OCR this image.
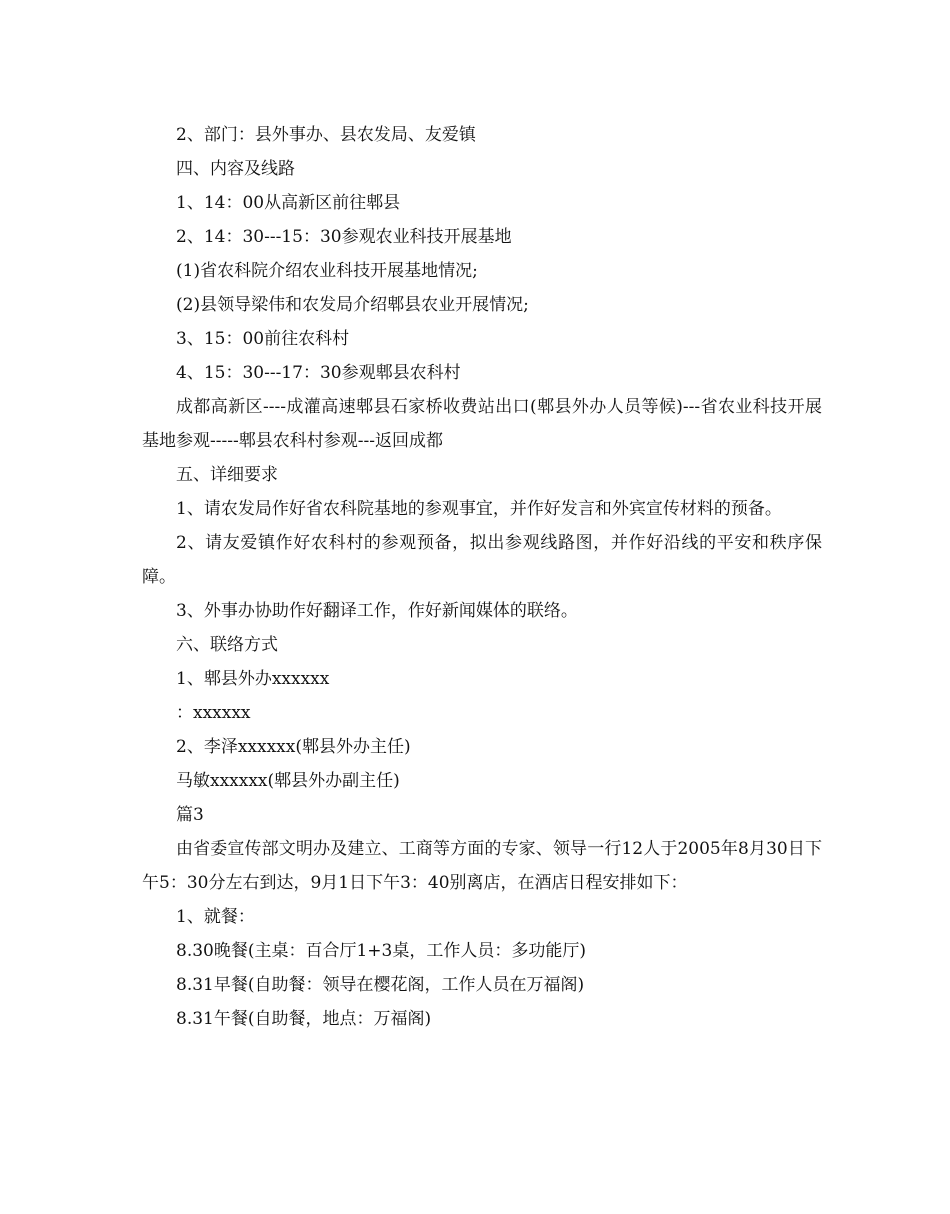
2、部门：县外事办、县农发局、友爱镇

四、内容及线路

1、14：00从高新区前往郫县

2、14：30---15：30参观农业科技开展基地

(1)省农科院介绍农业科技开展基地情况;

(2)县领导梁伟和农发局介绍郫县农业开展情况;

3、15：00前往农科村

4、15：30---17：30参观郫县农科村

成都高新区----成灌高速郫县石家桥收费站出口(郫县外办人员等候)---省农业科技开展基地参观-----郫县农科村参观---返回成都

五、详细要求

1、请农发局作好省农科院基地的参观事宜，并作好发言和外宾宣传材料的预备。

2、请友爱镇作好农科村的参观预备，拟出参观线路图，并作好沿线的平安和秩序保障。

3、外事办协助作好翻译工作，作好新闻媒体的联络。

六、联络方式

1、郫县外办xxxxxx

：xxxxxx

2、李泽xxxxxx(郫县外办主任)

马敏xxxxxx(郫县外办副主任)

篇3

由省委宣传部文明办及建立、工商等方面的专家、领导一行12人于2005年8月30日下午5：30分左右到达，9月1日下午3：40别离店，在酒店日程安排如下：

1、就餐：

8.30晚餐(主桌：百合厅1+3桌，工作人员：多功能厅)

8.31早餐(自助餐：领导在樱花阁，工作人员在万福阁)

8.31午餐(自助餐，地点：万福阁)
